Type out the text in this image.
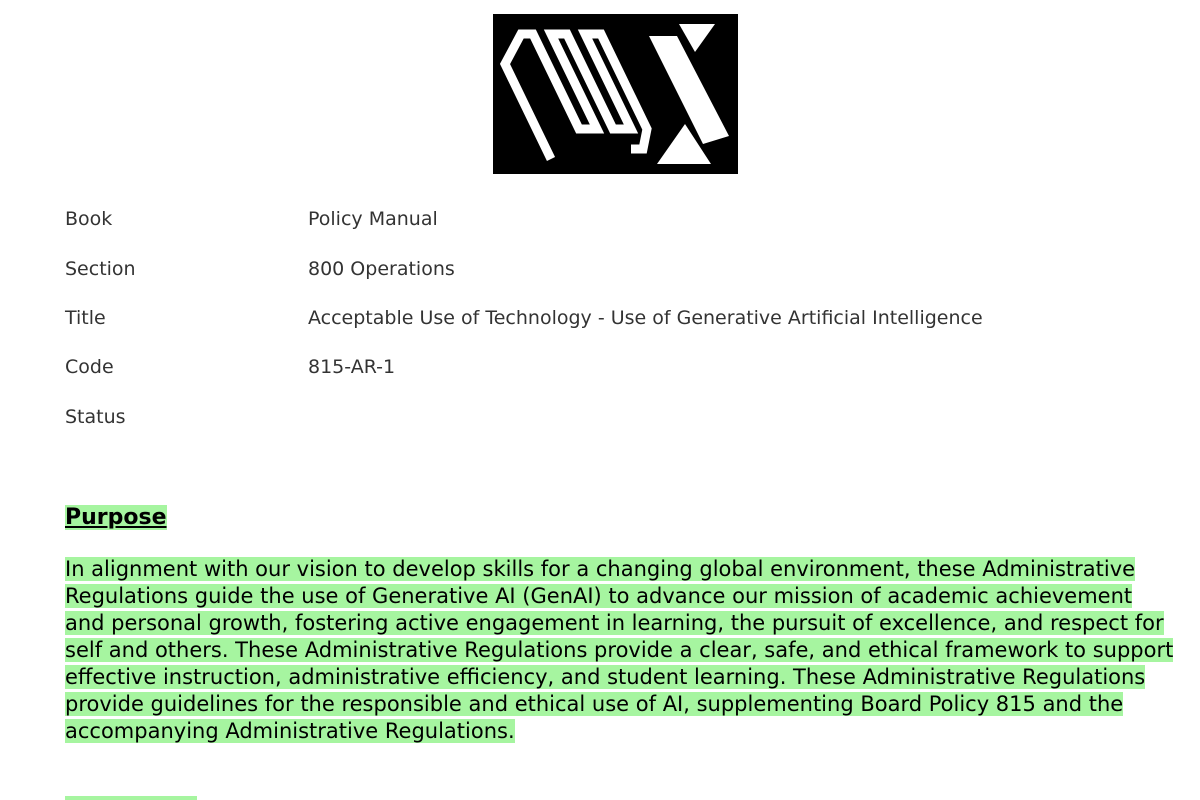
Book	Policy Manual
Section	800 Operations
Title	Acceptable Use of Technology - Use of Generative Artificial Intelligence
Code	815-AR-1
Status
Purpose

In alignment with our vision to develop skills for a changing global environment, these Administrative Regulations guide the use of Generative AI (GenAI) to advance our mission of academic achievement and personal growth, fostering active engagement in learning, the pursuit of excellence, and respect for self and others. These Administrative Regulations provide a clear, safe, and ethical framework to support effective instruction, administrative efficiency, and student learning. These Administrative Regulations provide guidelines for the responsible and ethical use of AI, supplementing Board Policy 815 and the accompanying Administrative Regulations.
